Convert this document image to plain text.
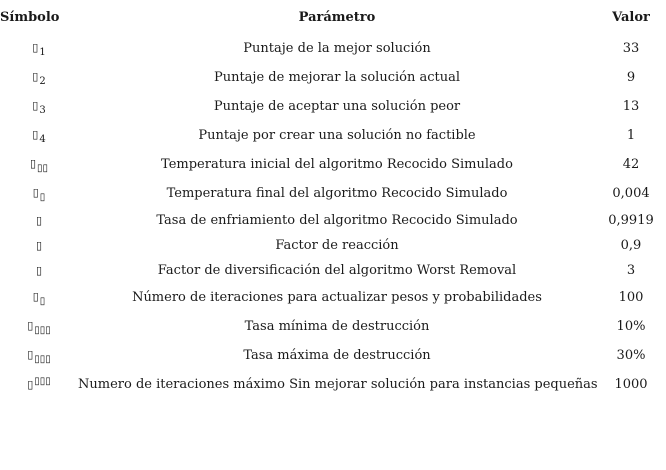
Símbolo	Parámetro	Valor
▯1	Puntaje de la mejor solución	33
▯2	Puntaje de mejorar la solución actual	9
▯3	Puntaje de aceptar una solución peor	13
▯4	Puntaje por crear una solución no factible	1
▯▯▯	Temperatura inicial del algoritmo Recocido Simulado	42
▯▯	Temperatura final del algoritmo Recocido Simulado	0,004
▯	Tasa de enfriamiento del algoritmo Recocido Simulado	0,9919
▯	Factor de reacción	0,9
▯	Factor de diversificación del algoritmo Worst Removal	3
▯▯	Número de iteraciones para actualizar pesos y probabilidades	100
▯▯▯▯	Tasa mínima de destrucción	10%
▯▯▯▯	Tasa máxima de destrucción	30%
▯▯▯▯	Numero de iteraciones máximo Sin mejorar solución para instancias pequeñas	1000
